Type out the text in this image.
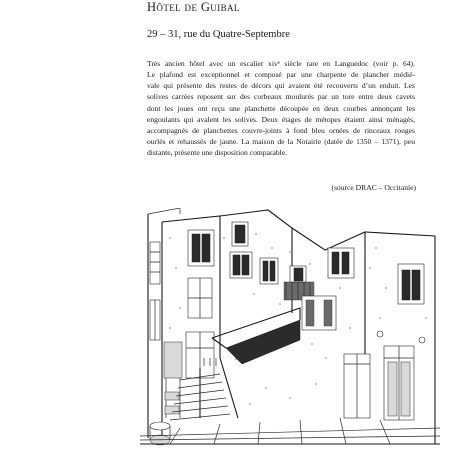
Hôtel de Guibal
29 – 31, rue du Quatre-Septembre
Très ancien hôtel avec un escalier xivᵉ siècle rare en Languedoc (voir p. 64).
Le plafond est exceptionnel et composé par une charpente de plancher médié-
vale qui présente des restes de décors qui avaient été recouverts d’un enduit. Les
solives carrées reposent sur des corbeaux moulurés par un tore entre deux cavets
dont les joues ont reçu une planchette découpée en deux courbes annonçant les
engoulants qui avalent les solives. Deux étages de métopes étaient ainsi ménagés,
accompagnés de planchettes couvre-joints à fond bleu ornées de rinceaux rouges
ourlés et rehaussés de jaune. La maison de la Notairie (datée de 1350 – 1371), peu
distante, présente une disposition comparable.
(source DRAC – Occitanie)
